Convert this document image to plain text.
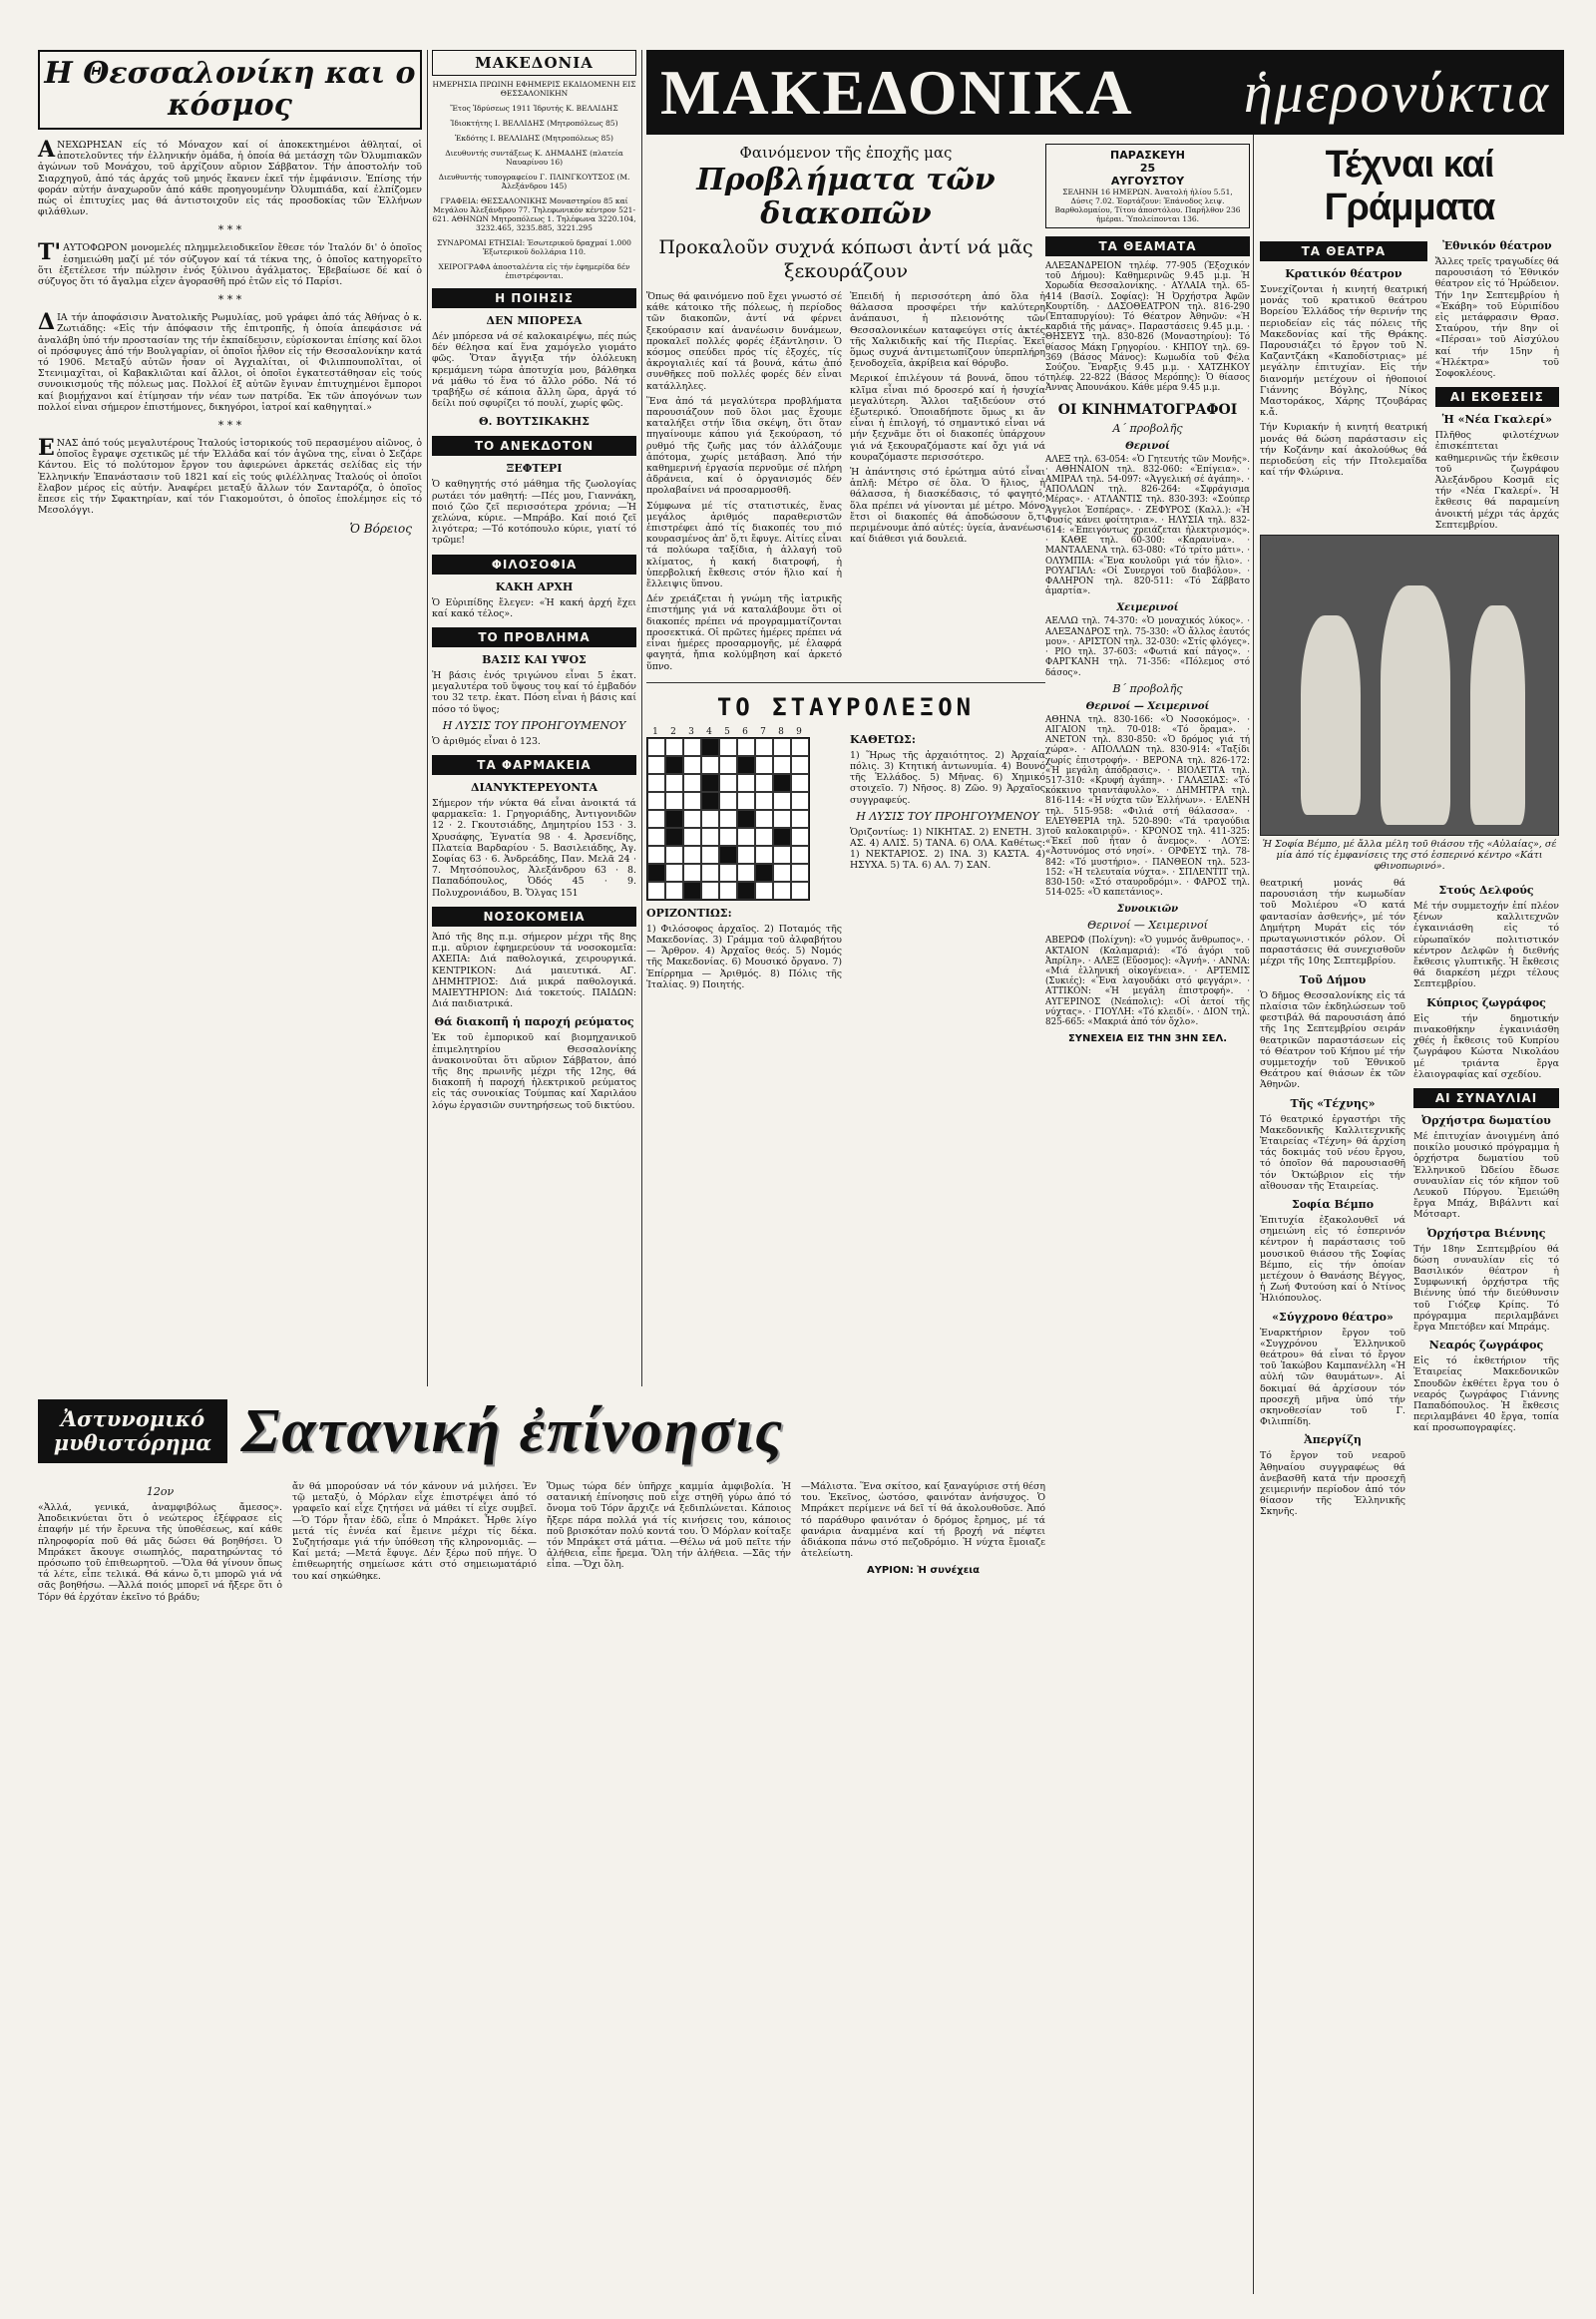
ΜΑΚΕΔΟΝΙΚΑ ἡμερονύκτια
Η Θεσσαλονίκη και ο κόσμος

ΑΝΕΧΩΡΗΣΑΝ είς τό Μόναχον καί οί ἀποκεκτημένοι ἀθληταί, οἱ ἀποτελοῦντες τήν ἑλληνικήν ὁμάδα, ἡ ὁποία θά μετάσχη τῶν Ὀλυμπιακῶν ἀγώνων τοῦ Μονάχου, τοῦ ἀρχίζουν αὔριον Σάββατον. Τήν ἀποστολήν τοῦ Σιαρχηγοῦ, ἀπό τάς ἀρχάς τοῦ μηνός ἔκανεν ἐκεῖ τήν ἐμφάνισιν. Ἐπίσης τήν φοράν αὐτήν ἀναχωροῦν ἀπό κάθε προηγουμένην Ὀλυμπιάδα, καί ἐλπίζομεν πώς οἱ ἐπιτυχίες μας θά ἀντιστοιχοῦν εἰς τάς προσδοκίας τῶν Ἑλλήνων φιλάθλων.

* * *

Τ'ΑΥΤΟΦΩΡΟΝ μονομελές πλημμελειοδικεῖον ἔθεσε τόν Ἰταλόν δι' ὁ ὁποῖος ἐσημειώθη μαζί μέ τόν σύζυγον καί τά τέκνα της, ὁ ὁποῖος κατηγορεῖτο ὅτι ἐξετέλεσε τήν πώλησιν ἐνός ξύλινου ἀγάλματος. Ἐβεβαίωσε δέ καί ὁ σύζυγος ὅτι τό ἄγαλμα εἶχεν ἀγορασθῆ πρό ἐτῶν εἰς τό Παρίσι.

* * *

ΔΙΑ τήν ἀποφάσισιν Ἀνατολικῆς Ρωμυλίας, μοῦ γράφει ἀπό τάς Ἀθήνας ὁ κ. Ζωτιάδης: «Εἰς τήν ἀπόφασιν τῆς ἐπιτροπῆς, ἡ ὁποία ἀπεφάσισε νά ἀναλάβη ὑπό τήν προστασίαν της τήν ἐκπαίδευσιν, εὑρίσκονται ἐπίσης καί ὅλοι οἱ πρόσφυγες ἀπό τήν Βουλγαρίαν, οἱ ὁποῖοι ἦλθον εἰς τήν Θεσσαλονίκην κατά τό 1906. Μεταξύ αὐτῶν ἦσαν οἱ Ἀγχιαλίται, οἱ Φιλιππουπολῖται, οἱ Στενιμαχῖται, οἱ Καβακλιῶται καί ἄλλοι, οἱ ὁποῖοι ἐγκατεστάθησαν εἰς τούς συνοικισμούς τῆς πόλεως μας. Πολλοί ἐξ αὐτῶν ἔγιναν ἐπιτυχημένοι ἔμποροι καί βιομήχανοι καί ἐτίμησαν τήν νέαν των πατρίδα. Ἐκ τῶν ἀπογόνων των πολλοί εἶναι σήμερον ἐπιστήμονες, δικηγόροι, ἰατροί καί καθηγηταί.»

* * *

ΕΝΑΣ ἀπό τούς μεγαλυτέρους Ἰταλούς ἱστορικούς τοῦ περασμένου αἰῶνος, ὁ ὁποῖος ἔγραψε σχετικῶς μέ τήν Ἑλλάδα καί τόν ἀγῶνα της, εἶναι ὁ Σεζάρε Κάντου. Εἰς τό πολύτομον ἔργον του ἀφιερώνει ἀρκετάς σελίδας εἰς τήν Ἑλληνικήν Ἐπανάστασιν τοῦ 1821 καί εἰς τούς φιλέλληνας Ἰταλούς οἱ ὁποῖοι ἔλαβον μέρος εἰς αὐτήν. Ἀναφέρει μεταξύ ἄλλων τόν Σανταρόζα, ὁ ὁποῖος ἔπεσε εἰς τήν Σφακτηρίαν, καί τόν Γιακομούτσι, ὁ ὁποῖος ἐπολέμησε εἰς τό Μεσολόγγι.

Ὁ Βόρειος
ΜΑΚΕΔΟΝΙΑ

ΗΜΕΡΗΣΙΑ ΠΡΩΙΝΗ ΕΦΗΜΕΡΙΣ ΕΚΔΙΔΟΜΕΝΗ ΕΙΣ ΘΕΣΣΑΛΟΝΙΚΗΝ

Ἔτος Ἱδρύσεως 1911 Ἱδρυτής Κ. ΒΕΛΛΙΔΗΣ

Ἰδιοκτήτης Ι. ΒΕΛΛΙΔΗΣ (Μητροπόλεως 85)

Ἐκδότης Ι. ΒΕΛΛΙΔΗΣ (Μητροπόλεως 85)

Διευθυντής συντάξεως Κ. ΔΗΜΑΔΗΣ (πλατεία Ναυαρίνου 16)

Διευθυντής τυπογραφείου Γ. ΠΛΙΝΓΚΟΥΤΣΟΣ (Μ. Ἀλεξάνδρου 145)

ΓΡΑΦΕΙΑ: ΘΕΣΣΑΛΟΝΙΚΗΣ Μοναστηρίου 85 καί Μεγάλου Ἀλεξάνδρου 77. Τηλεφωνικόν κέντρον 521-621. ΑΘΗΝΩΝ Μητροπόλεως 1. Τηλέφωνα 3220.104, 3232.465, 3235.885, 3221.295

ΣΥΝΔΡΟΜΑΙ ΕΤΗΣΙΑΙ: Ἐσωτερικοῦ δραχμαί 1.000 Ἐξωτερικοῦ δολλάρια 110.

ΧΕΙΡΟΓΡΑΦΑ ἀποσταλέντα εἰς τήν ἐφημερίδα δέν ἐπιστρέφονται.

Η ΠΟΙΗΣΙΣ
ΔΕΝ ΜΠΟΡΕΣΑ

Δέν μπόρεσα νά σέ καλοκαιρέψω, πές πώς δέν θέλησα καί ἕνα χαμόγελο γιομάτο φῶς. Ὅταν ἄγγιξα τήν ὁλόλευκη κρεμάμενη τώρα ἀποτυχία μου, βάλθηκα νά μάθω τό ἕνα τό ἄλλο ρόδο. Νά τό τραβήξω σέ κάποια ἄλλη ὥρα, ἀργά τό δείλι πού σφυρίζει τό πουλί, χωρίς φῶς.

Θ. ΒΟΥΤΣΙΚΑΚΗΣ
ΤΟ ΑΝΕΚΔΟΤΟΝ
ΞΕΦΤΕΡΙ

Ὁ καθηγητής στό μάθημα τῆς ζωολογίας ρωτάει τόν μαθητή: —Πές μου, Γιαννάκη, ποιό ζῶο ζεῖ περισσότερα χρόνια; —Ἡ χελώνα, κύριε. —Μπράβο. Καί ποιό ζεῖ λιγότερα; —Τό κοτόπουλο κύριε, γιατί τό τρῶμε!

ΦΙΛΟΣΟΦΙΑ
ΚΑΚΗ ΑΡΧΗ

Ὁ Εὐριπίδης ἔλεγεν: «Ἡ κακή ἀρχή ἔχει καί κακό τέλος».

ΤΟ ΠΡΟΒΛΗΜΑ
ΒΑΣΙΣ ΚΑΙ ΥΨΟΣ

Ἡ βάσις ἑνός τριγώνου εἶναι 5 ἑκατ. μεγαλυτέρα τοῦ ὕψους του καί τό ἐμβαδόν του 32 τετρ. ἑκατ. Πόση εἶναι ἡ βάσις καί πόσο τό ὕψος;

Η ΛΥΣΙΣ ΤΟΥ ΠΡΟΗΓΟΥΜΕΝΟΥ

Ὁ ἀριθμός εἶναι ὁ 123.

ΤΑ ΦΑΡΜΑΚΕΙΑ
ΔΙΑΝΥΚΤΕΡΕΥΟΝΤΑ

Σήμερον τήν νύκτα θά εἶναι ἀνοικτά τά φαρμακεῖα: 1. Γρηγοριάδης, Ἀντιγονιδῶν 12 · 2. Γκουτσιάδης, Δημητρίου 153 · 3. Χρυσάφης, Ἐγνατία 98 · 4. Ἀρσενίδης, Πλατεία Βαρδαρίου · 5. Βασιλειάδης, Ἀγ. Σοφίας 63 · 6. Ἀνδρεάδης, Παν. Μελᾶ 24 · 7. Μητσόπουλος, Ἀλεξάνδρου 63 · 8. Παπαδόπουλος, Ὁδός 45 · 9. Πολυχρονιάδου, Β. Ὄλγας 151

ΝΟΣΟΚΟΜΕΙΑ

Ἀπό τῆς 8ης π.μ. σήμερον μέχρι τῆς 8ης π.μ. αὔριον ἐφημερεύουν τά νοσοκομεῖα: ΑΧΕΠΑ: Διά παθολογικά, χειρουργικά. ΚΕΝΤΡΙΚΟΝ: Διά μαιευτικά. ΑΓ. ΔΗΜΗΤΡΙΟΣ: Διά μικρά παθολογικά. ΜΑΙΕΥΤΗΡΙΟΝ: Διά τοκετούς. ΠΑΙΔΩΝ: Διά παιδιατρικά.

Θά διακοπῆ ἡ παροχή ρεύματος

Ἐκ τοῦ ἐμπορικοῦ καί βιομηχανικοῦ ἐπιμελητηρίου Θεσσαλονίκης ἀνακοινοῦται ὅτι αὔριον Σάββατον, ἀπό τῆς 8ης πρωινῆς μέχρι τῆς 12ης, θά διακοπῆ ἡ παροχή ἠλεκτρικοῦ ρεύματος εἰς τάς συνοικίας Τούμπας καί Χαριλάου λόγω ἐργασιῶν συντηρήσεως τοῦ δικτύου.

Φαινόμενον τῆς ἐποχῆς μας
Προβλήματα τῶν διακοπῶν
Προκαλοῦν συχνά κόπωσι ἀντί νά μᾶς ξεκουράζουν

Ὅπως θά φαινόμενο ποῦ ἔχει γνωστό σέ κάθε κάτοικο τῆς πόλεως, ἡ περίοδος τῶν διακοπῶν, ἀντί νά φέρνει ξεκούρασιν καί ἀνανέωσιν δυνάμεων, προκαλεῖ πολλές φορές ἐξάντλησιν. Ὁ κόσμος σπεύδει πρός τίς ἐξοχές, τίς ἀκρογιαλιές καί τά βουνά, κάτω ἀπό συνθῆκες ποῦ πολλές φορές δέν εἶναι κατάλληλες.

Ἕνα ἀπό τά μεγαλύτερα προβλήματα παρουσιάζουν ποῦ ὅλοι μας ἔχουμε καταλήξει στήν ἴδια σκέψη, ὅτι ὅταν πηγαίνουμε κάπου γιά ξεκούραση, τό ρυθμό τῆς ζωῆς μας τόν ἀλλάζουμε ἀπότομα, χωρίς μετάβαση. Ἀπό τήν καθημερινή ἐργασία περνοῦμε σέ πλήρη ἀδράνεια, καί ὁ ὀργανισμός δέν προλαβαίνει νά προσαρμοσθῆ.

Σύμφωνα μέ τίς στατιστικές, ἕνας μεγάλος ἀριθμός παραθεριστῶν ἐπιστρέφει ἀπό τίς διακοπές του πιό κουρασμένος ἀπ' ὅ,τι ἔφυγε. Αἰτίες εἶναι τά πολύωρα ταξίδια, ἡ ἀλλαγή τοῦ κλίματος, ἡ κακή διατροφή, ἡ ὑπερβολική ἔκθεσις στόν ἥλιο καί ἡ ἔλλειψις ὕπνου.

Δέν χρειάζεται ἡ γνώμη τῆς ἰατρικῆς ἐπιστήμης γιά νά καταλάβουμε ὅτι οἱ διακοπές πρέπει νά προγραμματίζονται προσεκτικά. Οἱ πρῶτες ἡμέρες πρέπει νά εἶναι ἡμέρες προσαρμογῆς, μέ ἐλαφρά φαγητά, ἤπια κολύμβηση καί ἀρκετό ὕπνο.

Ἐπειδή ἡ περισσότερη ἀπό ὅλα ἡ θάλασσα προσφέρει τήν καλύτερη ἀνάπαυσι, ἡ πλειονότης τῶν Θεσσαλονικέων καταφεύγει στίς ἀκτές τῆς Χαλκιδικῆς καί τῆς Πιερίας. Ἐκεῖ ὅμως συχνά ἀντιμετωπίζουν ὑπερπλήρη ξενοδοχεῖα, ἀκρίβεια καί θόρυβο.

Μερικοί ἐπιλέγουν τά βουνά, ὅπου τό κλῖμα εἶναι πιό δροσερό καί ἡ ἡσυχία μεγαλύτερη. Ἄλλοι ταξιδεύουν στό ἐξωτερικό. Ὁποιαδήποτε ὅμως κι ἄν εἶναι ἡ ἐπιλογή, τό σημαντικό εἶναι νά μήν ξεχνᾶμε ὅτι οἱ διακοπές ὑπάρχουν γιά νά ξεκουραζόμαστε καί ὄχι γιά νά κουραζόμαστε περισσότερο.

Ἡ ἀπάντησις στό ἐρώτημα αὐτό εἶναι ἁπλῆ: Μέτρο σέ ὅλα. Ὁ ἥλιος, ἡ θάλασσα, ἡ διασκέδασις, τό φαγητό, ὅλα πρέπει νά γίνονται μέ μέτρο. Μόνο ἔτσι οἱ διακοπές θά ἀποδώσουν ὅ,τι περιμένουμε ἀπό αὐτές: ὑγεία, ἀνανέωσι καί διάθεσι γιά δουλειά.

ΤΟ ΣΤΑΥΡΟΛΕΞΟΝ
1 2 3 4 5 6 7 8 9
ΟΡΙΖΟΝΤΙΩΣ:

1) Φιλόσοφος ἀρχαῖος. 2) Ποταμός τῆς Μακεδονίας. 3) Γράμμα τοῦ ἀλφαβήτου — Ἄρθρον. 4) Ἀρχαῖος θεός. 5) Νομός τῆς Μακεδονίας. 6) Μουσικό ὄργανο. 7) Ἐπίρρημα — Ἀριθμός. 8) Πόλις τῆς Ἰταλίας. 9) Ποιητής.

ΚΑΘΕΤΩΣ:

1) Ἥρως τῆς ἀρχαιότητος. 2) Ἀρχαία πόλις. 3) Κτητική ἀντωνυμία. 4) Βουνό τῆς Ἑλλάδος. 5) Μῆνας. 6) Χημικό στοιχεῖο. 7) Νῆσος. 8) Ζῶο. 9) Ἀρχαῖος συγγραφεύς.

Η ΛΥΣΙΣ ΤΟΥ ΠΡΟΗΓΟΥΜΕΝΟΥ

Ὁριζοντίως: 1) ΝΙΚΗΤΑΣ. 2) ΕΝΕΤΗ. 3) ΑΣ. 4) ΑΛΙΣ. 5) ΤΑΝΑ. 6) ΟΛΑ. Καθέτως: 1) ΝΕΚΤΑΡΙΟΣ. 2) ΙΝΑ. 3) ΚΑΣΤΑ. 4) ΗΣΥΧΑ. 5) ΤΑ. 6) ΑΛ. 7) ΣΑΝ.

ΠΑΡΑΣΚΕΥΗ
25
ΑΥΓΟΥΣΤΟΥ
ΣΕΛΗΝΗ 16 ΗΜΕΡΩΝ. Ἀνατολή ἡλίου 5.51, Δύσις 7.02. Ἑορτάζουν: Ἐπάνοδος λειψ. Βαρθολομαίου, Τίτου ἀποστόλου. Παρῆλθον 236 ἡμέραι. Ὑπολείπονται 136.
ΤΑ ΘΕΑΜΑΤΑ

ΑΛΕΞΑΝΔΡΕΙΟΝ τηλέφ. 77-905 (Ἐξοχικόν τοῦ Δήμου): Καθημερινῶς 9.45 μ.μ. Ἡ Χορωδία Θεσσαλονίκης. · ΑΥΛΑΙΑ τηλ. 65-414 (Βασίλ. Σοφίας): Ἡ Ὀρχήστρα Ἀφῶν Κουρτίδη. · ΔΑΣΟΘΕΑΤΡΟΝ τηλ. 816-290 (Ἐπταπυργίου): Τό Θέατρον Ἀθηνῶν: «Ἡ καρδιά τῆς μάνας». Παραστάσεις 9.45 μ.μ. · ΘΗΣΕΥΣ τηλ. 830-826 (Μοναστηρίου): Τό θίασος Μάκη Γρηγορίου. · ΚΗΠΟΥ τηλ. 69-369 (Βάσος Μάνος): Κωμωδία τοῦ Φέλα Σούζου. Ἔναρξις 9.45 μ.μ. · ΧΑΤΖΗΚΟΥ τηλέφ. 22-822 (Βάσος Μερόπης): Ὁ θίασος Ἀννας Ἀπουνάκου. Κάθε μέρα 9.45 μ.μ.

ΟΙ ΚΙΝΗΜΑΤΟΓΡΑΦΟΙ
Α΄ προβολῆς
Θερινοί

ΑΛΕΞ τηλ. 63-054: «Ὁ Γητευτής τῶν Μονῆς». · ΑΘΗΝΑΙΟΝ τηλ. 832-060: «Ἐπίγεια». · ΑΜΙΡΑΛ τηλ. 54-097: «Ἀγγελική σέ ἀγάπη». · ΑΠΟΛΛΩΝ τηλ. 826-264: «Σφράγισμα Μέρας». · ΑΤΛΑΝΤΙΣ τηλ. 830-393: «Σούπερ Ἀγγελοι Ἑσπέρας». · ΖΕΦΥΡΟΣ (Καλλ.): «Ἡ Φυσίς κάνει φοίτητρια». · ΗΛΥΣΙΑ τηλ. 832-614: «Ἐπειγόντως χρειάζεται ἠλεκτρισμός». · ΚΑΘΕ τηλ. 60-300: «Καρανίνα». · ΜΑΝΤΑΛΕΝΑ τηλ. 63-080: «Τό τρίτο μάτι». · ΟΛΥΜΠΙΑ: «Ἕνα κουλοῦρι γιά τόν ἥλιο». · ΡΟΥΑΓΙΑΛ: «Οἱ Συνεργοί τοῦ διαβόλου». · ΦΑΛΗΡΟΝ τηλ. 820-511: «Τό Σάββατο ἁμαρτία».

Χειμερινοί

ΑΕΛΛΩ τηλ. 74-370: «Ὁ μοναχικός λύκος». · ΑΛΕΞΑΝΔΡΟΣ τηλ. 75-330: «Ὁ ἄλλος ἑαυτός μου». · ΑΡΙΣΤΟΝ τηλ. 32-030: «Στίς φλόγες». · ΡΙΟ τηλ. 37-603: «Φωτιά καί πάγος». · ΦΑΡΓΚΑΝΗ τηλ. 71-356: «Πόλεμος στό δάσος».

Β΄ προβολῆς
Θερινοί — Χειμερινοί

ΑΘΗΝΑ τηλ. 830-166: «Ὁ Νοσοκόμος». · ΑΙΓΑΙΟΝ τηλ. 70-018: «Τό ὅραμα». · ΑΝΕΤΟΝ τηλ. 830-850: «Ὁ δρόμος γιά τή χώρα». · ΑΠΟΛΛΩΝ τηλ. 830-914: «Ταξίδι χωρίς ἐπιστροφή». · ΒΕΡΟΝΑ τηλ. 826-172: «Ἡ μεγάλη ἀπόδρασις». · ΒΙΟΛΕΤΤΑ τηλ. 517-310: «Κρυφή ἀγάπη». · ΓΑΛΑΞΙΑΣ: «Τό κόκκινο τριαντάφυλλο». · ΔΗΜΗΤΡΑ τηλ. 816-114: «Ἡ νύχτα τῶν Ἑλλήνων». · ΕΛΕΝΗ τηλ. 515-958: «Φιλιά στή θάλασσα». · ΕΛΕΥΘΕΡΙΑ τηλ. 520-890: «Τά τραγούδια τοῦ καλοκαιριοῦ». · ΚΡΟΝΟΣ τηλ. 411-325: «Ἐκεῖ ποῦ ἦταν ὁ ἄνεμος». · ΛΟΥΞ: «Ἀστυνόμος στό νησί». · ΟΡΦΕΥΣ τηλ. 78-842: «Τό μυστήριο». · ΠΑΝΘΕΟΝ τηλ. 523-152: «Ἡ τελευταία νύχτα». · ΣΠΛΕΝΤΙΤ τηλ. 830-150: «Στό σταυροδρόμι». · ΦΑΡΟΣ τηλ. 514-025: «Ὁ καπετάνιος».

Συνοικιῶν
Θερινοί — Χειμερινοί

ΑΒΕΡΩΦ (Πολίχνη): «Ὁ γυμνός ἄνθρωπος». · ΑΚΤΑΙΟΝ (Καλαμαριά): «Τό ἀγόρι τοῦ Ἀπρίλη». · ΑΛΕΞ (Εὔοσμος): «Ἀγνή». · ΑΝΝΑ: «Μιά ἑλληνική οἰκογένεια». · ΑΡΤΕΜΙΣ (Συκιές): «Ἕνα λαγουδάκι στό φεγγάρι». · ΑΤΤΙΚΟΝ: «Ἡ μεγάλη ἐπιστροφή». · ΑΥΓΕΡΙΝΟΣ (Νεάπολις): «Οἱ ἀετοί τῆς νύχτας». · ΓΙΟΥΛΗ: «Τό κλειδί». · ΔΙΟΝ τηλ. 825-665: «Μακριά ἀπό τόν ὄχλο».

ΣΥΝΕΧΕΙΑ ΕΙΣ ΤΗΝ 3ΗΝ ΣΕΛ.
Τέχναι καί Γράμματα
ΤΑ ΘΕΑΤΡΑ
Κρατικόν θέατρον

Συνεχίζονται ἡ κινητή θεατρική μονάς τοῦ κρατικοῦ θεάτρου Βορείου Ἑλλάδος τήν θερινήν της περιοδείαν εἰς τάς πόλεις τῆς Μακεδονίας καί τῆς Θράκης. Παρουσιάζει τό ἔργον τοῦ Ν. Καζαντζάκη «Καποδίστριας» μέ μεγάλην ἐπιτυχίαν. Εἰς τήν διανομήν μετέχουν οἱ ἠθοποιοί Γιάννης Βόγλης, Νίκος Μαστοράκος, Χάρης Τζουβάρας κ.ἄ.

Τήν Κυριακήν ἡ κινητή θεατρική μονάς θά δώση παράστασιν εἰς τήν Κοζάνην καί ἀκολούθως θά περιοδεύση εἰς τήν Πτολεμαΐδα καί τήν Φλώρινα.

Ἐθνικόν θέατρον

Ἄλλες τρεῖς τραγωδίες θά παρουσιάση τό Ἐθνικόν θέατρον εἰς τό Ἡρώδειον. Τήν 1ην Σεπτεμβρίου ἡ «Ἑκάβη» τοῦ Εὐριπίδου εἰς μετάφρασιν Θρασ. Σταύρου, τήν 8ην οἱ «Πέρσαι» τοῦ Αἰσχύλου καί τήν 15ην ἡ «Ἠλέκτρα» τοῦ Σοφοκλέους.

ΑΙ ΕΚΘΕΣΕΙΣ
Ἡ «Νέα Γκαλερί»

Πλῆθος φιλοτέχνων ἐπισκέπτεται καθημερινῶς τήν ἔκθεσιν τοῦ ζωγράφου Ἀλεξάνδρου Κοσμᾶ εἰς τήν «Νέα Γκαλερί». Ἡ ἔκθεσις θά παραμείνη ἀνοικτή μέχρι τάς ἀρχάς Σεπτεμβρίου.

Ἡ Σοφία Βέμπο, μέ ἄλλα μέλη τοῦ θιάσου τῆς «Αὐλαίας», σέ μία ἀπό τίς ἐμφανίσεις της στό ἑσπερινό κέντρο «Κάτι φθινοπωρινό».

θεατρική μονάς θά παρουσιάση τήν κωμωδίαν τοῦ Μολιέρου «Ὁ κατά φαντασίαν ἀσθενής», μέ τόν Δημήτρη Μυράτ εἰς τόν πρωταγωνιστικόν ρόλον. Οἱ παραστάσεις θά συνεχισθοῦν μέχρι τῆς 10ης Σεπτεμβρίου.

Τοῦ Δήμου

Ὁ δῆμος Θεσσαλονίκης εἰς τά πλαίσια τῶν ἐκδηλώσεων τοῦ φεστιβάλ θά παρουσιάση ἀπό τῆς 1ης Σεπτεμβρίου σειράν θεατρικῶν παραστάσεων εἰς τό Θέατρον τοῦ Κήπου μέ τήν συμμετοχήν τοῦ Ἐθνικοῦ Θεάτρου καί θιάσων ἐκ τῶν Ἀθηνῶν.

Τῆς «Τέχνης»

Τό θεατρικό ἐργαστήρι τῆς Μακεδονικῆς Καλλιτεχνικῆς Ἑταιρείας «Τέχνη» θά ἀρχίση τάς δοκιμάς τοῦ νέου ἔργου, τό ὁποῖον θά παρουσιασθῆ τόν Ὀκτώβριον εἰς τήν αἴθουσαν τῆς Ἑταιρείας.

Σοφία Βέμπο

Ἐπιτυχία ἐξακολουθεῖ νά σημειώνη εἰς τό ἑσπερινόν κέντρον ἡ παράστασις τοῦ μουσικοῦ θιάσου τῆς Σοφίας Βέμπο, εἰς τήν ὁποίαν μετέχουν ὁ Θανάσης Βέγγος, ἡ Ζωή Φυτούση καί ὁ Ντίνος Ἠλιόπουλος.

«Σύγχρονο θέατρο»

Ἐναρκτήριον ἔργον τοῦ «Συγχρόνου Ἑλληνικοῦ θεάτρου» θά εἶναι τό ἔργον τοῦ Ἰακώβου Καμπανέλλη «Ἡ αὐλή τῶν θαυμάτων». Αἱ δοκιμαί θά ἀρχίσουν τόν προσεχῆ μῆνα ὑπό τήν σκηνοθεσίαν τοῦ Γ. Φιλιππίδη.

Ἀπεργίζη

Τό ἔργον τοῦ νεαροῦ Ἀθηναίου συγγραφέως θά ἀνεβασθῆ κατά τήν προσεχῆ χειμερινήν περίοδον ἀπό τόν θίασον τῆς Ἑλληνικῆς Σκηνῆς.

Στούς Δελφούς

Μέ τήν συμμετοχήν ἐπί πλέον ξένων καλλιτεχνῶν ἐγκαινιάσθη εἰς τό εὐρωπαϊκόν πολιτιστικόν κέντρον Δελφῶν ἡ διεθνής ἔκθεσις γλυπτικῆς. Ἡ ἔκθεσις θά διαρκέση μέχρι τέλους Σεπτεμβρίου.

Κύπριος ζωγράφος

Εἰς τήν δημοτικήν πινακοθήκην ἐγκαινιάσθη χθές ἡ ἔκθεσις τοῦ Κυπρίου ζωγράφου Κώστα Νικολάου μέ τριάντα ἔργα ἐλαιογραφίας καί σχεδίου.

ΑΙ ΣΥΝΑΥΛΙΑΙ
Ὀρχήστρα δωματίου

Μέ ἐπιτυχίαν ἀνοιγμένη ἀπό ποικίλο μουσικό πρόγραμμα ἡ ὀρχήστρα δωματίου τοῦ Ἑλληνικοῦ Ὠδείου ἔδωσε συναυλίαν εἰς τόν κῆπον τοῦ Λευκοῦ Πύργου. Ἐμειώθη ἔργα Μπάχ, Βιβάλντι καί Μότσαρτ.

Ὀρχήστρα Βιέννης

Τήν 18ην Σεπτεμβρίου θά δώση συναυλίαν εἰς τό Βασιλικόν θέατρον ἡ Συμφωνική ὀρχήστρα τῆς Βιέννης ὑπό τήν διεύθυνσιν τοῦ Γιόζεφ Κρίπς. Τό πρόγραμμα περιλαμβάνει ἔργα Μπετόβεν καί Μπράμς.

Νεαρός ζωγράφος

Εἰς τό ἐκθετήριον τῆς Ἑταιρείας Μακεδονικῶν Σπουδῶν ἐκθέτει ἔργα του ὁ νεαρός ζωγράφος Γιάννης Παπαδόπουλος. Ἡ ἔκθεσις περιλαμβάνει 40 ἔργα, τοπία καί προσωπογραφίες.

Ἀστυνομικό
μυθιστόρημα Σατανική ἐπίνοησις
12ον

«Ἀλλά, γενικά, ἀναμφιβόλως ἄμεσος». Ἀποδεικνύεται ὅτι ὁ νεώτερος ἐξέφρασε εἰς ἐπαφήν μέ τήν ἔρευνα τῆς ὑποθέσεως, καί κάθε πληροφορία ποῦ θά μᾶς δώσει θά βοηθήσει. Ὁ Μπράκετ ἄκουγε σιωπηλός, παρατηρώντας τό πρόσωπο τοῦ ἐπιθεωρητοῦ. —Ὅλα θά γίνουν ὅπως τά λέτε, εἶπε τελικά. Θά κάνω ὅ,τι μπορῶ γιά νά σᾶς βοηθήσω. —Ἀλλά ποιός μπορεῖ νά ἤξερε ὅτι ὁ Τόρν θά ἐρχόταν ἐκεῖνο τό βράδυ;

ἄν θά μπορούσαν νά τόν κάνουν νά μιλήσει. Ἐν τῷ μεταξύ, ὁ Μόρλαν εἶχε ἐπιστρέψει ἀπό τό γραφεῖο καί εἶχε ζητήσει νά μάθει τί εἶχε συμβεῖ. —Ὁ Τόρν ἦταν ἐδῶ, εἶπε ὁ Μπράκετ. Ἦρθε λίγο μετά τίς ἑννέα καί ἔμεινε μέχρι τίς δέκα. Συζητήσαμε γιά τήν ὑπόθεση τῆς κληρονομιᾶς. —Καί μετά; —Μετά ἔφυγε. Δέν ξέρω ποῦ πήγε. Ὁ ἐπιθεωρητής σημείωσε κάτι στό σημειωματάριό του καί σηκώθηκε.

Ὅμως τώρα δέν ὑπῆρχε καμμία ἀμφιβολία. Ἡ σατανική ἐπίνοησις ποῦ εἶχε στηθῆ γύρω ἀπό τό ὄνομα τοῦ Τόρν ἄρχιζε νά ξεδιπλώνεται. Κάποιος ἤξερε πάρα πολλά γιά τίς κινήσεις του, κάποιος ποῦ βρισκόταν πολύ κοντά του. Ὁ Μόρλαν κοίταξε τόν Μπράκετ στά μάτια. —Θέλω νά μοῦ πεῖτε τήν ἀλήθεια, εἶπε ἤρεμα. Ὅλη τήν ἀλήθεια. —Σᾶς τήν εἶπα. —Ὄχι ὅλη.

—Μάλιστα. Ἕνα σκίτσο, καί ξαναγύρισε στή θέση του. Ἐκεῖνος, ὡστόσο, φαινόταν ἀνήσυχος. Ὁ Μπράκετ περίμενε νά δεῖ τί θά ἀκολουθοῦσε. Ἀπό τό παράθυρο φαινόταν ὁ δρόμος ἔρημος, μέ τά φανάρια ἀναμμένα καί τή βροχή νά πέφτει ἀδιάκοπα πάνω στό πεζοδρόμιο. Ἡ νύχτα ἔμοιαζε ἀτελείωτη.

ΑΥΡΙΟΝ: Ἡ συνέχεια
